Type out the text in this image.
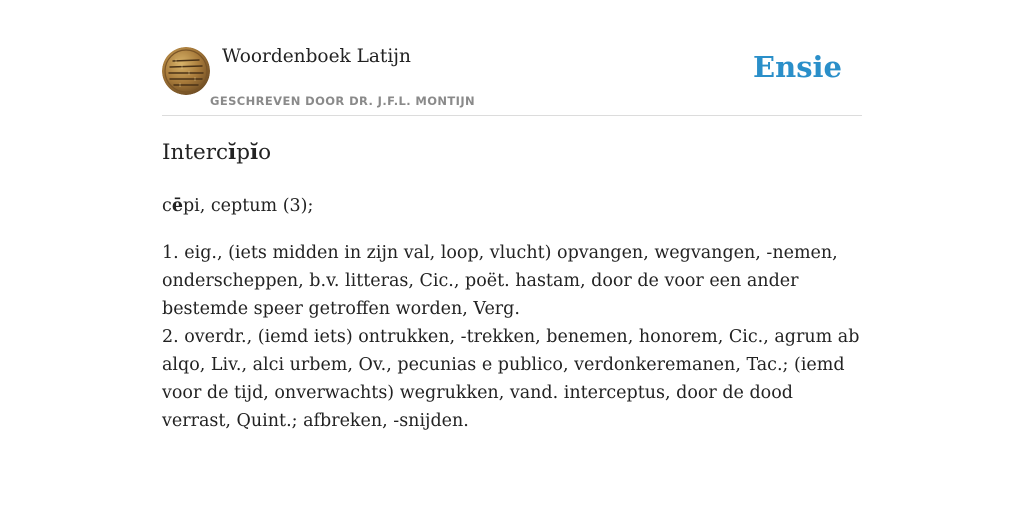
Woordenboek Latijn
GESCHREVEN DOOR DR. J.F.L. MONTIJN
Ensie
Intercĭpĭo

cēpi, ceptum (3);

1. eig., (iets midden in zijn val, loop, vlucht) opvangen, wegvangen, -nemen, onderscheppen, b.v. litteras, Cic., poët. hastam, door de voor een ander bestemde speer getroffen worden, Verg.

2. overdr., (iemd iets) ontrukken, -trekken, benemen, honorem, Cic., agrum ab alqo, Liv., alci urbem, Ov., pecunias e publico, verdonkeremanen, Tac.; (iemd voor de tijd, onverwachts) wegrukken, vand. interceptus, door de dood verrast, Quint.; afbreken, -snijden.
